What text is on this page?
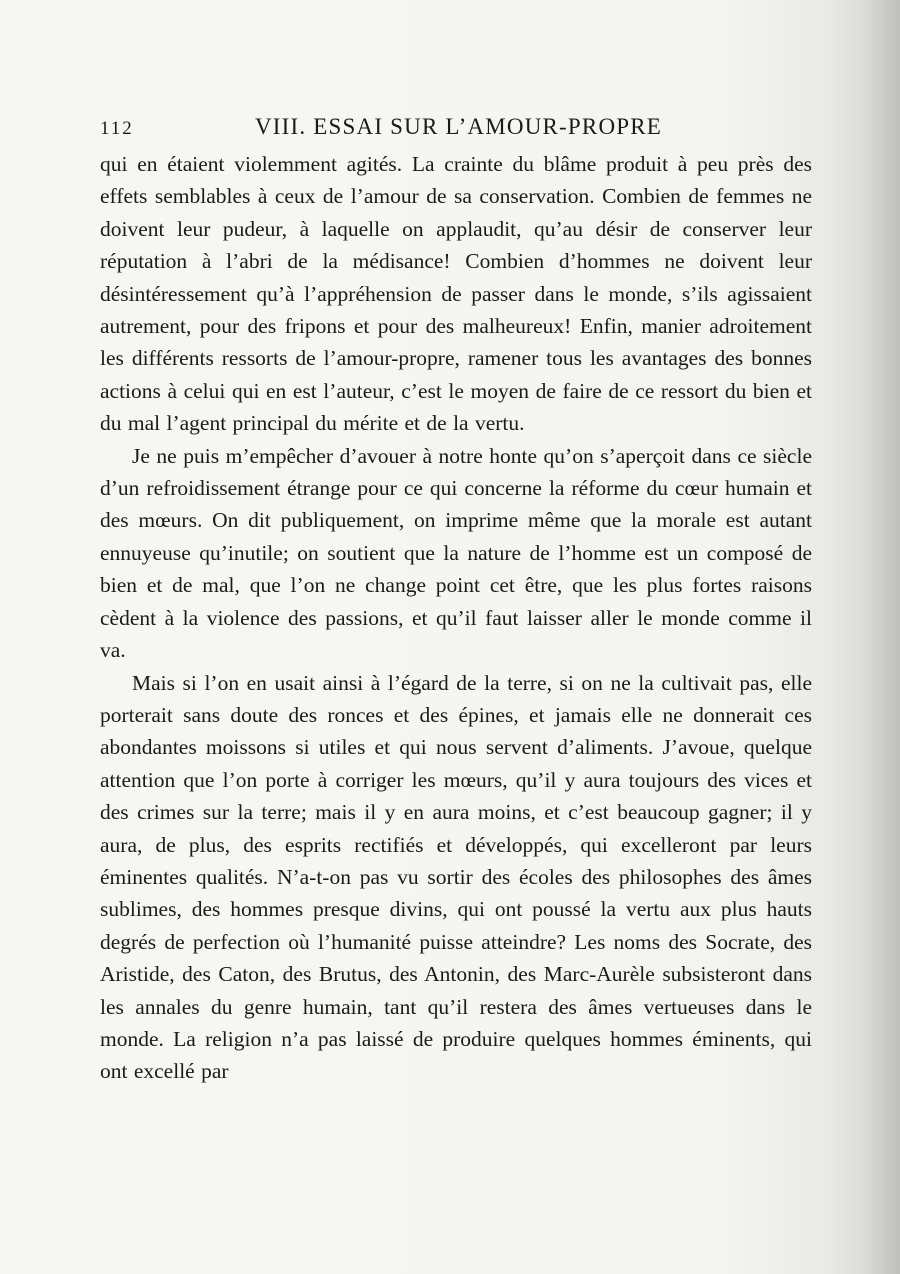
112	VIII. ESSAI SUR L’AMOUR-PROPRE

qui en étaient violemment agités. La crainte du blâme produit à peu près des effets semblables à ceux de l’amour de sa conservation. Combien de femmes ne doivent leur pudeur, à laquelle on applaudit, qu’au désir de conserver leur réputation à l’abri de la médisance! Combien d’hommes ne doivent leur désintéressement qu’à l’appréhension de passer dans le monde, s’ils agissaient autrement, pour des fripons et pour des malheureux! Enfin, manier adroitement les différents ressorts de l’amour-propre, ramener tous les avantages des bonnes actions à celui qui en est l’auteur, c’est le moyen de faire de ce ressort du bien et du mal l’agent principal du mérite et de la vertu.

Je ne puis m’empêcher d’avouer à notre honte qu’on s’aperçoit dans ce siècle d’un refroidissement étrange pour ce qui concerne la réforme du cœur humain et des mœurs. On dit publiquement, on imprime même que la morale est autant ennuyeuse qu’inutile; on soutient que la nature de l’homme est un composé de bien et de mal, que l’on ne change point cet être, que les plus fortes raisons cèdent à la violence des passions, et qu’il faut laisser aller le monde comme il va.

Mais si l’on en usait ainsi à l’égard de la terre, si on ne la cultivait pas, elle porterait sans doute des ronces et des épines, et jamais elle ne donnerait ces abondantes moissons si utiles et qui nous servent d’aliments. J’avoue, quelque attention que l’on porte à corriger les mœurs, qu’il y aura toujours des vices et des crimes sur la terre; mais il y en aura moins, et c’est beaucoup gagner; il y aura, de plus, des esprits rectifiés et développés, qui excelleront par leurs éminentes qualités. N’a-t-on pas vu sortir des écoles des philosophes des âmes sublimes, des hommes presque divins, qui ont poussé la vertu aux plus hauts degrés de perfection où l’humanité puisse atteindre? Les noms des Socrate, des Aristide, des Caton, des Brutus, des Antonin, des Marc-Aurèle subsisteront dans les annales du genre humain, tant qu’il restera des âmes vertueuses dans le monde. La religion n’a pas laissé de produire quelques hommes éminents, qui ont excellé par
